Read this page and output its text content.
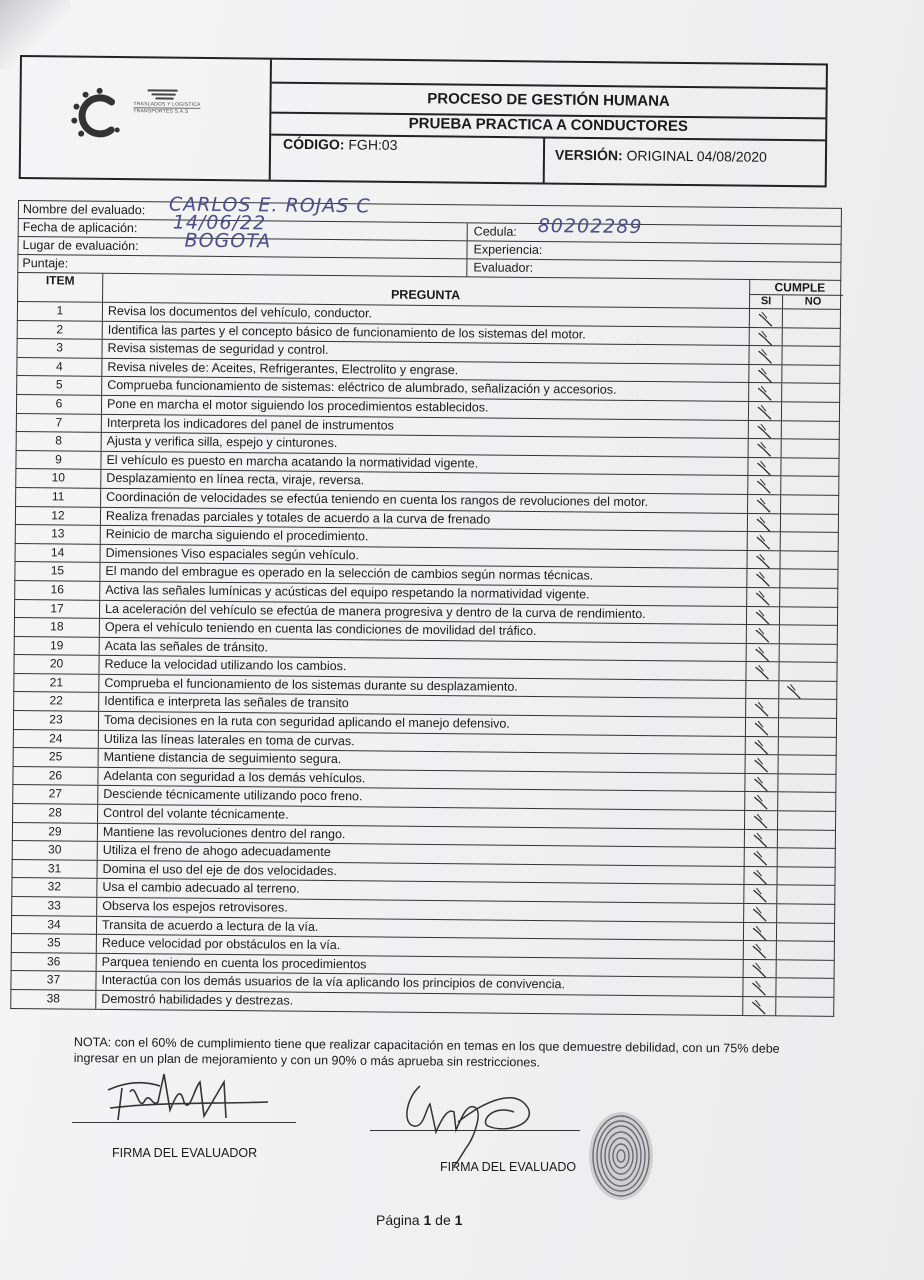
TRASLADOS Y LOGISTICA
TRANSPORTES S.A.S
PROCESO DE GESTIÓN HUMANA
PRUEBA PRACTICA A CONDUCTORES
CÓDIGO: FGH:03
VERSIÓN: ORIGINAL 04/08/2020
Nombre del evaluado: CARLOS E. ROJAS C
Fecha de aplicación: 14/06/22	Cedula: 80202289
Lugar de evaluación: BOGOTA	Experiencia:
Puntaje:	Evaluador:
ITEM
PREGUNTA
CUMPLE
SI	NO
1	Revisa los documentos del vehículo, conductor.
2	Identifica las partes y el concepto básico de funcionamiento de los sistemas del motor.
3	Revisa sistemas de seguridad y control.
4	Revisa niveles de: Aceites, Refrigerantes, Electrolito y engrase.
5	Comprueba funcionamiento de sistemas: eléctrico de alumbrado, señalización y accesorios.
6	Pone en marcha el motor siguiendo los procedimientos establecidos.
7	Interpreta los indicadores del panel de instrumentos
8	Ajusta y verifica silla, espejo y cinturones.
9	El vehículo es puesto en marcha acatando la normatividad vigente.
10	Desplazamiento en línea recta, viraje, reversa.
11	Coordinación de velocidades se efectúa teniendo en cuenta los rangos de revoluciones del motor.
12	Realiza frenadas parciales y totales de acuerdo a la curva de frenado
13	Reinicio de marcha siguiendo el procedimiento.
14	Dimensiones Viso espaciales según vehículo.
15	El mando del embrague es operado en la selección de cambios según normas técnicas.
16	Activa las señales lumínicas y acústicas del equipo respetando la normatividad vigente.
17	La aceleración del vehículo se efectúa de manera progresiva y dentro de la curva de rendimiento.
18	Opera el vehículo teniendo en cuenta las condiciones de movilidad del tráfico.
19	Acata las señales de tránsito.
20	Reduce la velocidad utilizando los cambios.
21	Comprueba el funcionamiento de los sistemas durante su desplazamiento.
22	Identifica e interpreta las señales de transito
23	Toma decisiones en la ruta con seguridad aplicando el manejo defensivo.
24	Utiliza las líneas laterales en toma de curvas.
25	Mantiene distancia de seguimiento segura.
26	Adelanta con seguridad a los demás vehículos.
27	Desciende técnicamente utilizando poco freno.
28	Control del volante técnicamente.
29	Mantiene las revoluciones dentro del rango.
30	Utiliza el freno de ahogo adecuadamente
31	Domina el uso del eje de dos velocidades.
32	Usa el cambio adecuado al terreno.
33	Observa los espejos retrovisores.
34	Transita de acuerdo a lectura de la vía.
35	Reduce velocidad por obstáculos en la vía.
36	Parquea teniendo en cuenta los procedimientos
37	Interactúa con los demás usuarios de la vía aplicando los principios de convivencia.
38	Demostró habilidades y destrezas.
NOTA: con el 60% de cumplimiento tiene que realizar capacitación en temas en los que demuestre debilidad, con un 75% debe ingresar en un plan de mejoramiento y con un 90% o más aprueba sin restricciones.
FIRMA DEL EVALUADOR
FIRMA DEL EVALUADO
Página 1 de 1
